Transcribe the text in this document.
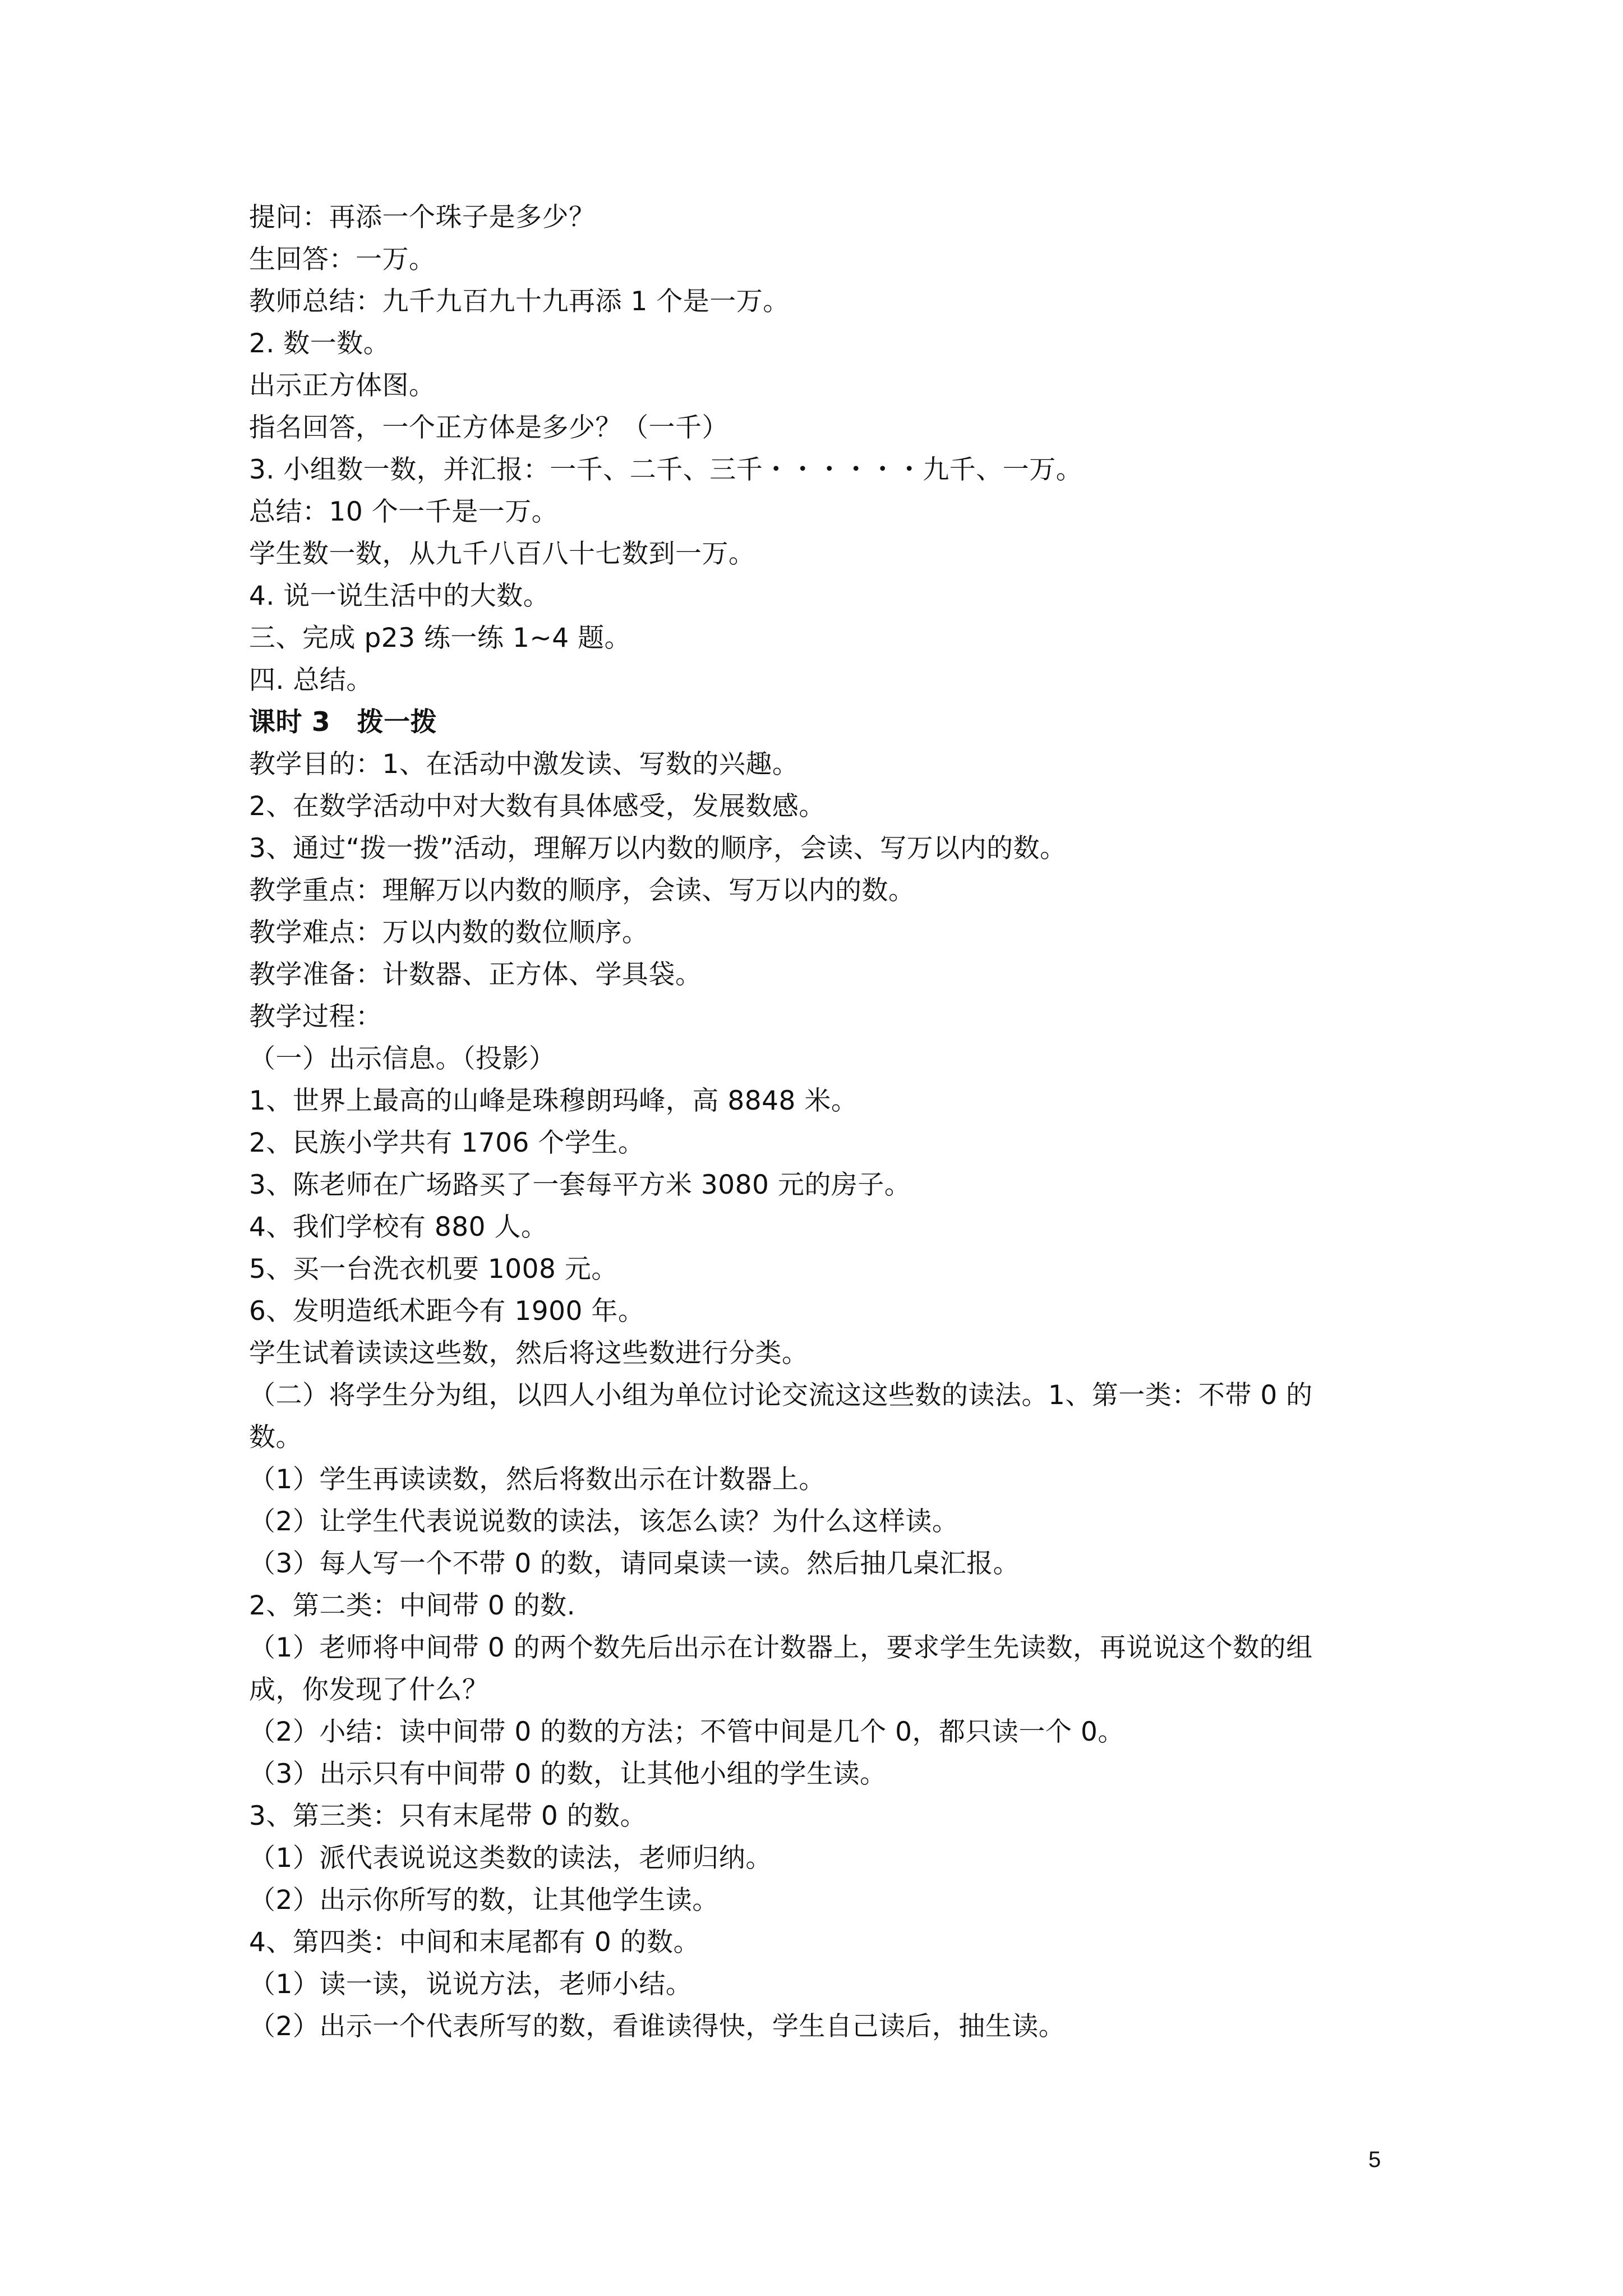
提问：再添一个珠子是多少？
生回答：一万。
教师总结：九千九百九十九再添 1 个是一万。
2. 数一数。
出示正方体图。
指名回答，一个正方体是多少？（一千）
3. 小组数一数，并汇报：一千、二千、三千・・・・・・九千、一万。
总结：10 个一千是一万。
学生数一数，从九千八百八十七数到一万。
4. 说一说生活中的大数。
三、完成 p23 练一练 1~4 题。
四. 总结。
课时 3　拨一拨
教学目的：1、在活动中激发读、写数的兴趣。
2、在数学活动中对大数有具体感受，发展数感。
3、通过“拨一拨”活动，理解万以内数的顺序，会读、写万以内的数。
教学重点：理解万以内数的顺序，会读、写万以内的数。
教学难点：万以内数的数位顺序。
教学准备：计数器、正方体、学具袋。
教学过程：
（一）出示信息。（投影）
1、世界上最高的山峰是珠穆朗玛峰，高 8848 米。
2、民族小学共有 1706 个学生。
3、陈老师在广场路买了一套每平方米 3080 元的房子。
4、我们学校有 880 人。
5、买一台洗衣机要 1008 元。
6、发明造纸术距今有 1900 年。
学生试着读读这些数，然后将这些数进行分类。
（二）将学生分为组，以四人小组为单位讨论交流这这些数的读法。1、第一类：不带 0 的
数。
（1）学生再读读数，然后将数出示在计数器上。
（2）让学生代表说说数的读法，该怎么读？为什么这样读。
（3）每人写一个不带 0 的数，请同桌读一读。然后抽几桌汇报。
2、第二类：中间带 0 的数.
（1）老师将中间带 0 的两个数先后出示在计数器上，要求学生先读数，再说说这个数的组
成，你发现了什么？
（2）小结：读中间带 0 的数的方法；不管中间是几个 0，都只读一个 0。
（3）出示只有中间带 0 的数，让其他小组的学生读。
3、第三类：只有末尾带 0 的数。
（1）派代表说说这类数的读法，老师归纳。
（2）出示你所写的数，让其他学生读。
4、第四类：中间和末尾都有 0 的数。
（1）读一读，说说方法，老师小结。
（2）出示一个代表所写的数，看谁读得快，学生自己读后，抽生读。
5
